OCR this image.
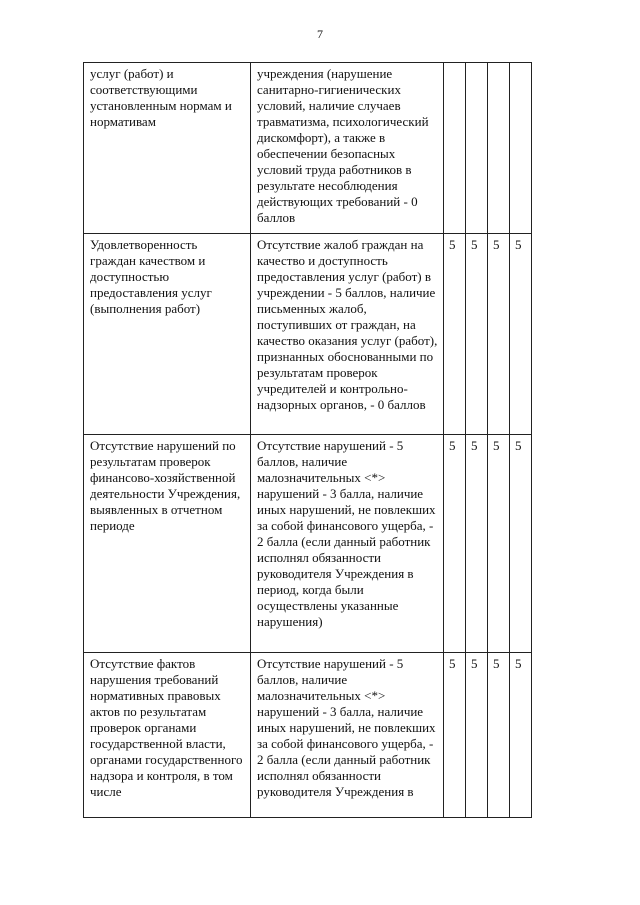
7
услуг (работ) и соответствующими установленным нормам и нормативам	учреждения (нарушение санитарно-гигиенических условий, наличие случаев травматизма, психологический дискомфорт), а также в обеспечении безопасных условий труда работников в результате несоблюдения действующих требований - 0 баллов				
Удовлетворенность граждан качеством и доступностью предоставления услуг (выполнения работ)	Отсутствие жалоб граждан на качество и доступность предоставления услуг (работ) в учреждении - 5 баллов, наличие письменных жалоб, поступивших от граждан, на качество оказания услуг (работ), признанных обоснованными по результатам проверок учредителей и контрольно-надзорных органов, - 0 баллов	5	5	5	5
Отсутствие нарушений по результатам проверок финансово-хозяйственной деятельности Учреждения, выявленных в отчетном периоде	Отсутствие нарушений - 5 баллов, наличие малозначительных <*> нарушений - 3 балла, наличие иных нарушений, не повлекших за собой финансового ущерба, - 2 балла (если данный работник исполнял обязанности руководителя Учреждения в период, когда были осуществлены указанные нарушения)	5	5	5	5
Отсутствие фактов нарушения требований нормативных правовых актов по результатам проверок органами государственной власти, органами государственного надзора и контроля, в том числе	Отсутствие нарушений - 5 баллов, наличие малозначительных <*> нарушений - 3 балла, наличие иных нарушений, не повлекших за собой финансового ущерба, - 2 балла (если данный работник исполнял обязанности руководителя Учреждения в	5	5	5	5
